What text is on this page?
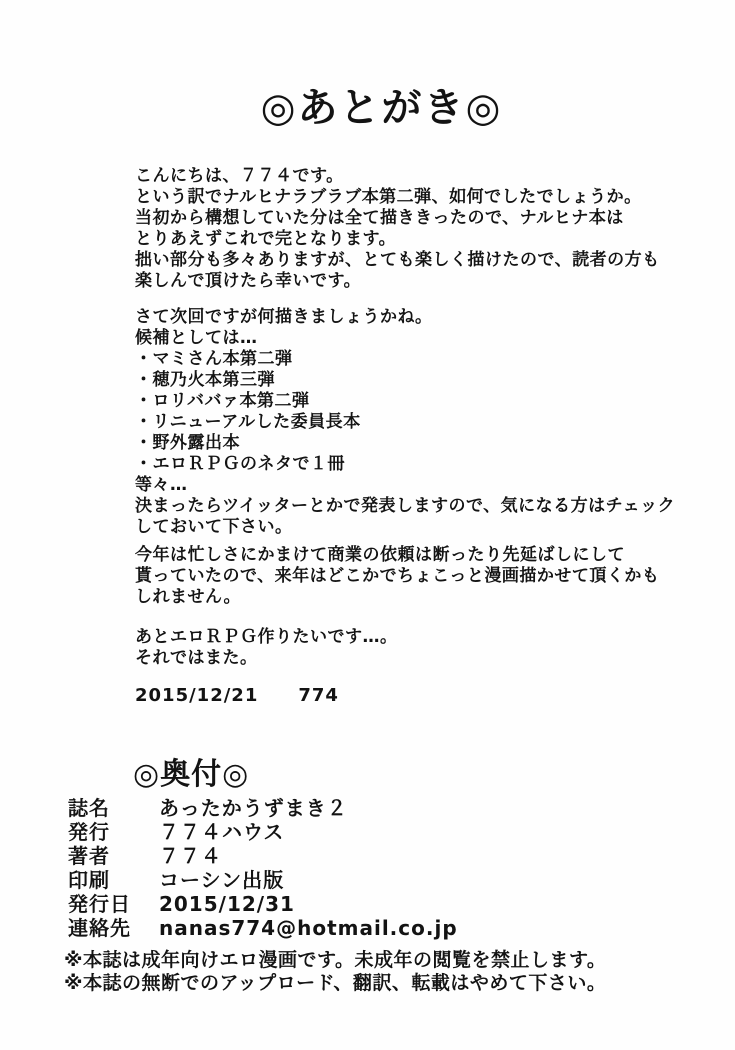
◎あとがき◎
こんにちは、７７４です。
という訳でナルヒナラブラブ本第二弾、如何でしたでしょうか。
当初から構想していた分は全て描ききったので、ナルヒナ本は
とりあえずこれで完となります。
拙い部分も多々ありますが、とても楽しく描けたので、読者の方も
楽しんで頂けたら幸いです。
さて次回ですが何描きましょうかね。
候補としては…
・マミさん本第二弾
・穂乃火本第三弾
・ロリババァ本第二弾
・リニューアルした委員長本
・野外露出本
・エロＲＰＧのネタで１冊
等々…
決まったらツイッターとかで発表しますので、気になる方はチェック
しておいて下さい。
今年は忙しさにかまけて商業の依頼は断ったり先延ばしにして
貰っていたので、来年はどこかでちょこっと漫画描かせて頂くかも
しれません。
あとエロＲＰＧ作りたいです…。
それではまた。
2015/12/21 774
◎奥付◎
誌名 あったかうずまき２
発行 ７７４ハウス
著者 ７７４
印刷 コーシン出版
発行日 2015/12/31
連絡先 nanas774@hotmail.co.jp
※本誌は成年向けエロ漫画です。未成年の閲覧を禁止します。
※本誌の無断でのアップロード、翻訳、転載はやめて下さい。
